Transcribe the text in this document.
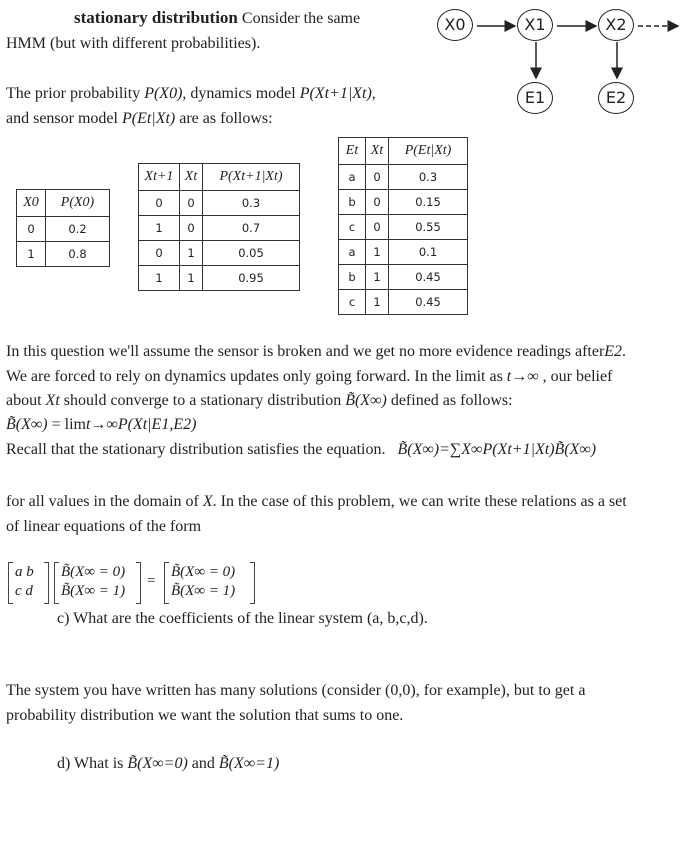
stationary distribution Consider the same
HMM (but with different probabilities).
X0	X1	X2
E1	E2
The prior probability P(X0), dynamics model P(Xt+1|Xt),
and sensor model P(Et|Xt) are as follows:
X0	P(X0)
0	0.2
1	0.8
Xt+1	Xt	P(Xt+1|Xt)
0	0	0.3
1	0	0.7
0	1	0.05
1	1	0.95
Et	Xt	P(Et|Xt)
a	0	0.3
b	0	0.15
c	0	0.55
a	1	0.1
b	1	0.45
c	1	0.45
In this question we'll assume the sensor is broken and we get no more evidence readings afterE2.
We are forced to rely on dynamics updates only going forward. In the limit as t→∞ , our belief
about Xt should converge to a stationary distribution B̃(X∞) defined as follows:
B̃(X∞) = limt→∞P(Xt|E1,E2)
Recall that the stationary distribution satisfies the equation. B̃(X∞)=∑X∞P(Xt+1|Xt)B̃(X∞)
for all values in the domain of X. In the case of this problem, we can write these relations as a set
of linear equations of the form
a b
c d
B̃(X∞ = 0)
B̃(X∞ = 1)
=
B̃(X∞ = 0)
B̃(X∞ = 1)
c) What are the coefficients of the linear system (a, b,c,d).
The system you have written has many solutions (consider (0,0), for example), but to get a
probability distribution we want the solution that sums to one.
d) What is B̃(X∞=0) and B̃(X∞=1)
